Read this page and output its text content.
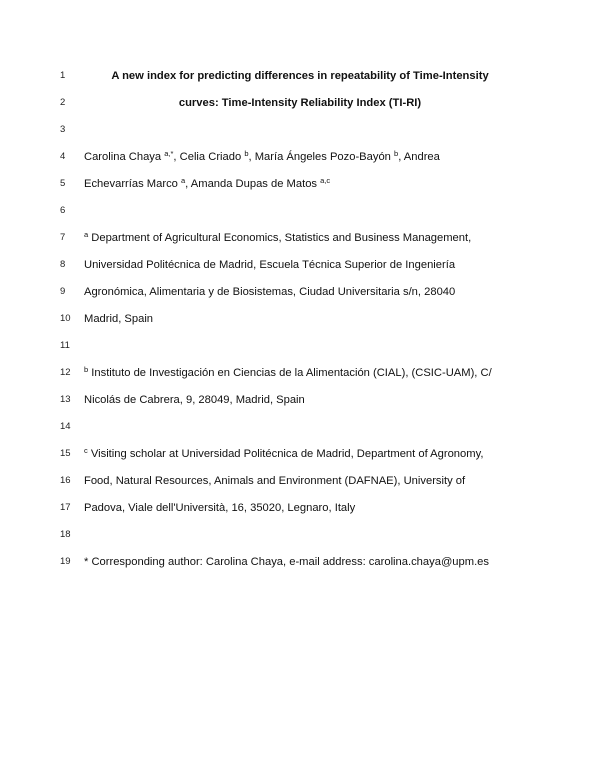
1	A new index for predicting differences in repeatability of Time-Intensity
2	curves: Time-Intensity Reliability Index (TI-RI)
3
4	Carolina Chaya $^{a,*}$, Celia Criado $^b$, María Ángeles Pozo-Bayón $^b$, Andrea
5	Echevarrías Marco $^a$, Amanda Dupas de Matos $^{a,c}$
6
7	$^a$ Department of Agricultural Economics, Statistics and Business Management,
8	Universidad Politécnica de Madrid, Escuela Técnica Superior de Ingeniería
9	Agronómica, Alimentaria y de Biosistemas, Ciudad Universitaria s/n, 28040
10	Madrid, Spain
11
12	$^b$ Instituto de Investigación en Ciencias de la Alimentación (CIAL), (CSIC-UAM), C/
13	Nicolás de Cabrera, 9, 28049, Madrid, Spain
14
15	$^c$ Visiting scholar at Universidad Politécnica de Madrid, Department of Agronomy,
16	Food, Natural Resources, Animals and Environment (DAFNAE), University of
17	Padova, Viale dell'Università, 16, 35020, Legnaro, Italy
18
19	* Corresponding author: Carolina Chaya, e-mail address: carolina.chaya@upm.es
